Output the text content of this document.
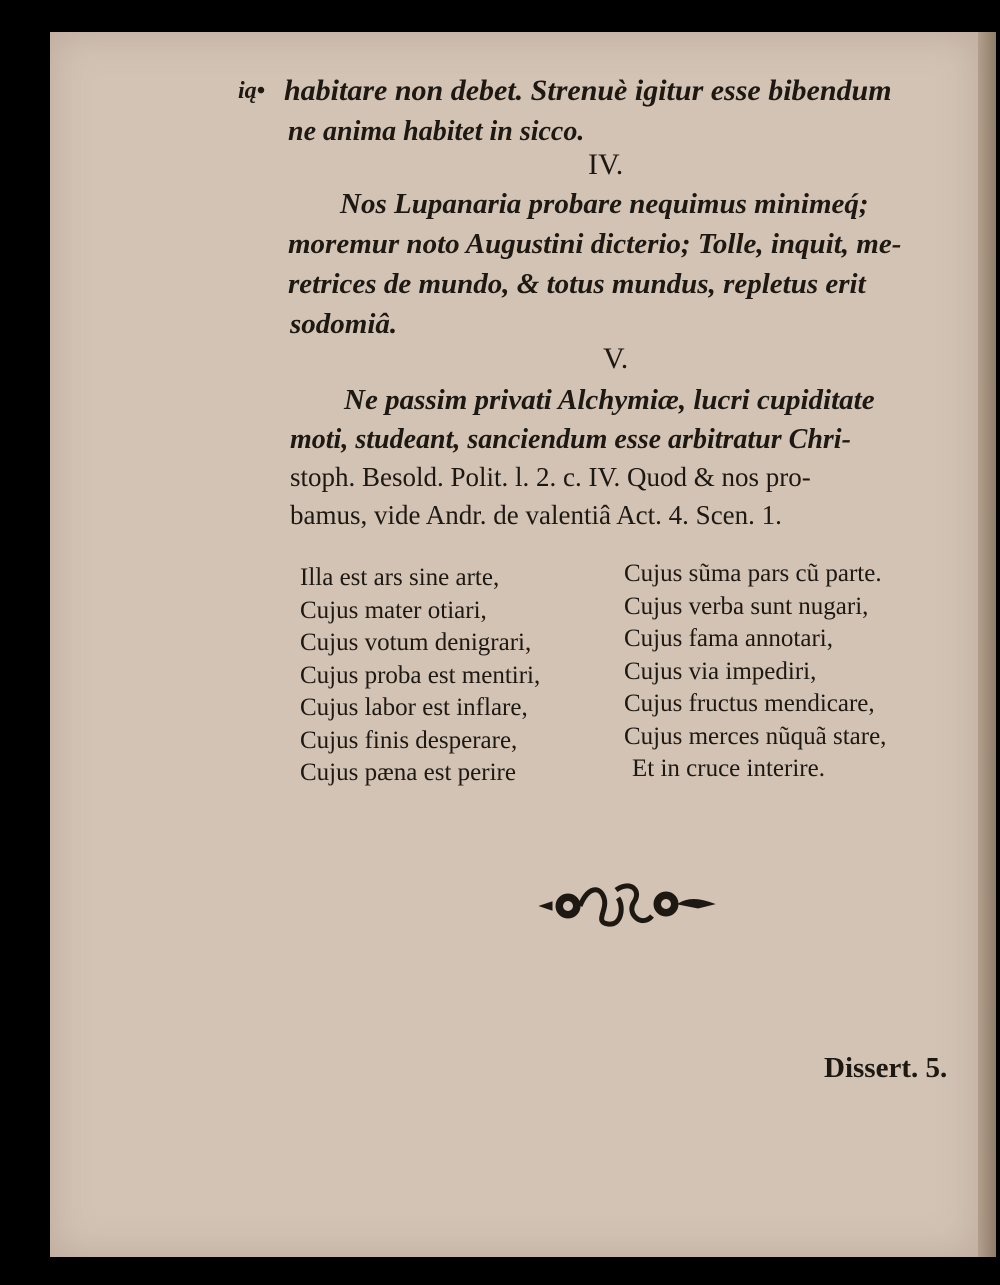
ią• habitare non debet. Strenuè igitur esse bibendum
ne anima habitet in sicco.
IV.
Nos Lupanaria probare nequimus minimeq́;
moremur noto Augustini dicterio; Tolle, inquit, me-
retrices de mundo, & totus mundus, repletus erit
sodomiâ.
V.
Ne passim privati Alchymiæ, lucri cupiditate
moti, studeant, sanciendum esse arbitratur Chri-
stoph. Besold. Polit. l. 2. c. IV. Quod & nos pro-
bamus, vide Andr. de valentiâ Act. 4. Scen. 1.
Illa est ars sine arte,
Cujus mater otiari,
Cujus votum denigrari,
Cujus proba est mentiri,
Cujus labor est inflare,
Cujus finis desperare,
Cujus pæna est perire
Cujus sũma pars cũ parte.
Cujus verba sunt nugari,
Cujus fama annotari,
Cujus via impediri,
Cujus fructus mendicare,
Cujus merces nũquã stare,
Et in cruce interire.
Dissert. 5.
